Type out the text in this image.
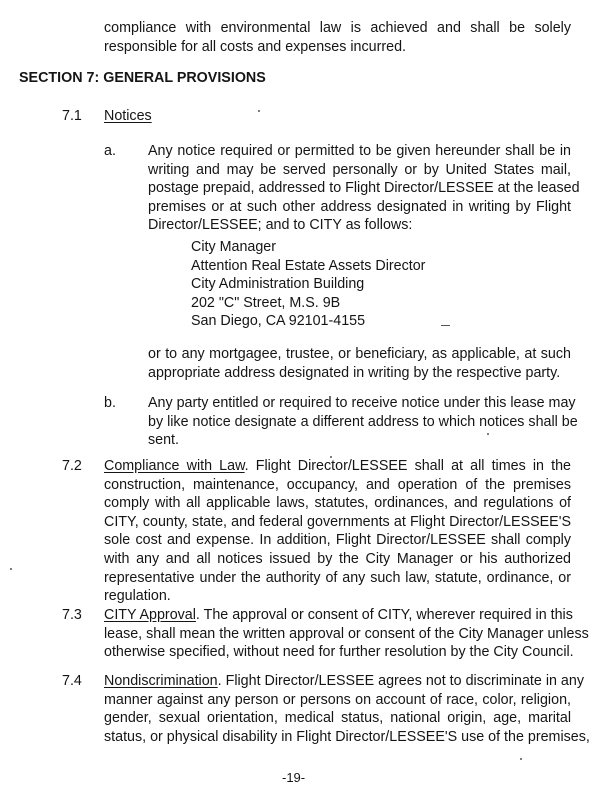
compliance with environmental law is achieved and shall be solely
responsible for all costs and expenses incurred.
SECTION 7: GENERAL PROVISIONS
7.1 Notices
a. Any notice required or permitted to be given hereunder shall be in
writing and may be served personally or by United States mail,
postage prepaid, addressed to Flight Director/LESSEE at the leased
premises or at such other address designated in writing by Flight
Director/LESSEE; and to CITY as follows:
City Manager
Attention Real Estate Assets Director
City Administration Building
202 "C" Street, M.S. 9B
San Diego, CA 92101-4155
or to any mortgagee, trustee, or beneficiary, as applicable, at such
appropriate address designated in writing by the respective party.
b. Any party entitled or required to receive notice under this lease may
by like notice designate a different address to which notices shall be
sent.
7.2 Compliance with Law. Flight Director/LESSEE shall at all times in the
construction, maintenance, occupancy, and operation of the premises
comply with all applicable laws, statutes, ordinances, and regulations of
CITY, county, state, and federal governments at Flight Director/LESSEE'S
sole cost and expense. In addition, Flight Director/LESSEE shall comply
with any and all notices issued by the City Manager or his authorized
representative under the authority of any such law, statute, ordinance, or
regulation.
7.3 CITY Approval. The approval or consent of CITY, wherever required in this
lease, shall mean the written approval or consent of the City Manager unless
otherwise specified, without need for further resolution by the City Council.
7.4 Nondiscrimination. Flight Director/LESSEE agrees not to discriminate in any
manner against any person or persons on account of race, color, religion,
gender, sexual orientation, medical status, national origin, age, marital
status, or physical disability in Flight Director/LESSEE'S use of the premises,
-19-
